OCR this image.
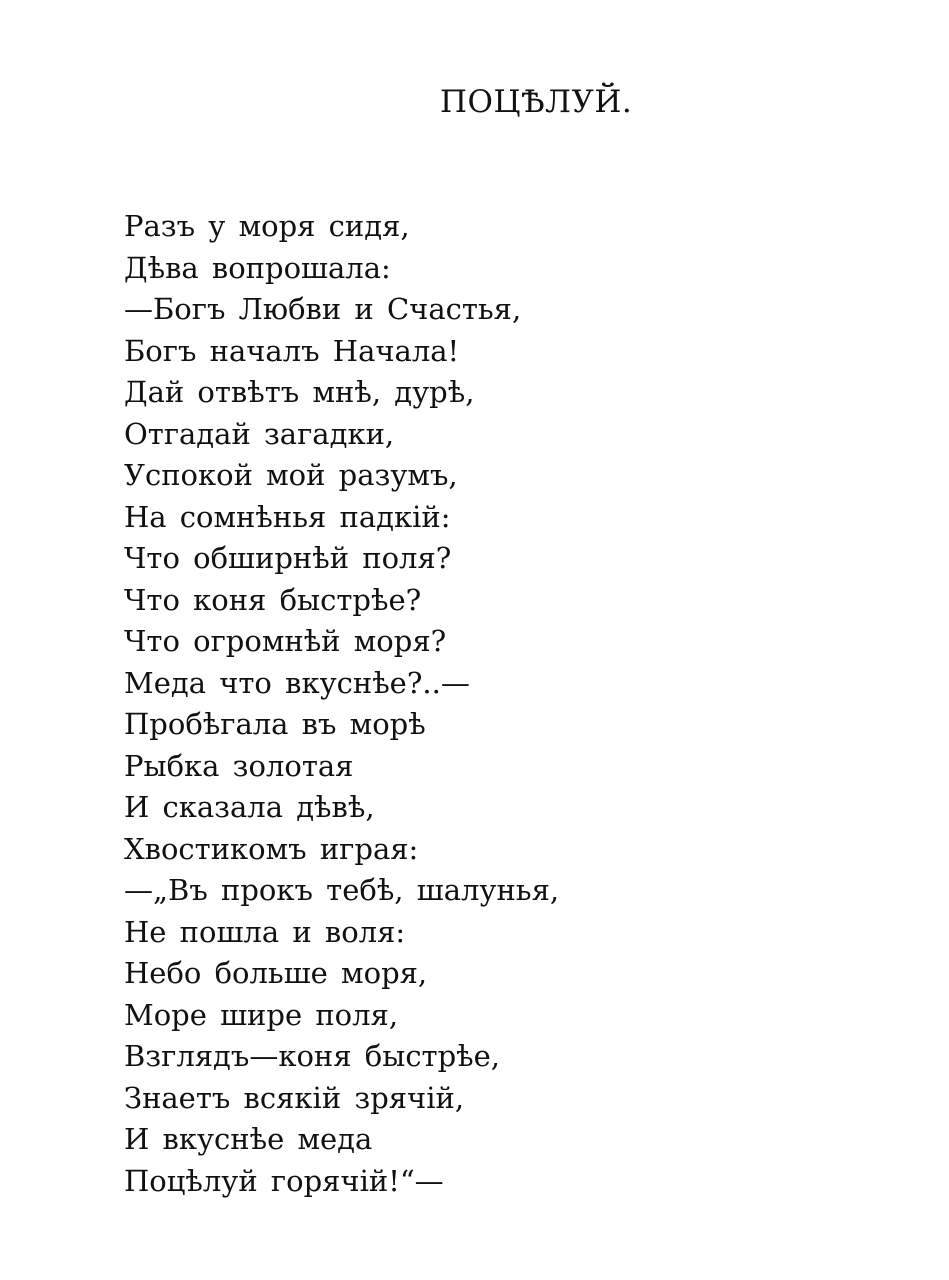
ПОЦѢЛУЙ.
Разъ у моря сидя,
Дѣва вопрошала:
—Богъ Любви и Счастья,
Богъ началъ Начала!
Дай отвѣтъ мнѣ, дурѣ,
Отгадай загадки,
Успокой мой разумъ,
На сомнѣнья падкій:
Что обширнѣй поля?
Что коня быстрѣе?
Что огромнѣй моря?
Меда что вкуснѣе?..—
Пробѣгала въ морѣ
Рыбка золотая
И сказала дѣвѣ,
Хвостикомъ играя:
—„Въ прокъ тебѣ, шалунья,
Не пошла и воля:
Небо больше моря,
Море шире поля,
Взглядъ—коня быстрѣе,
Знаетъ всякій зрячій,
И вкуснѣе меда
Поцѣлуй горячій!“—
